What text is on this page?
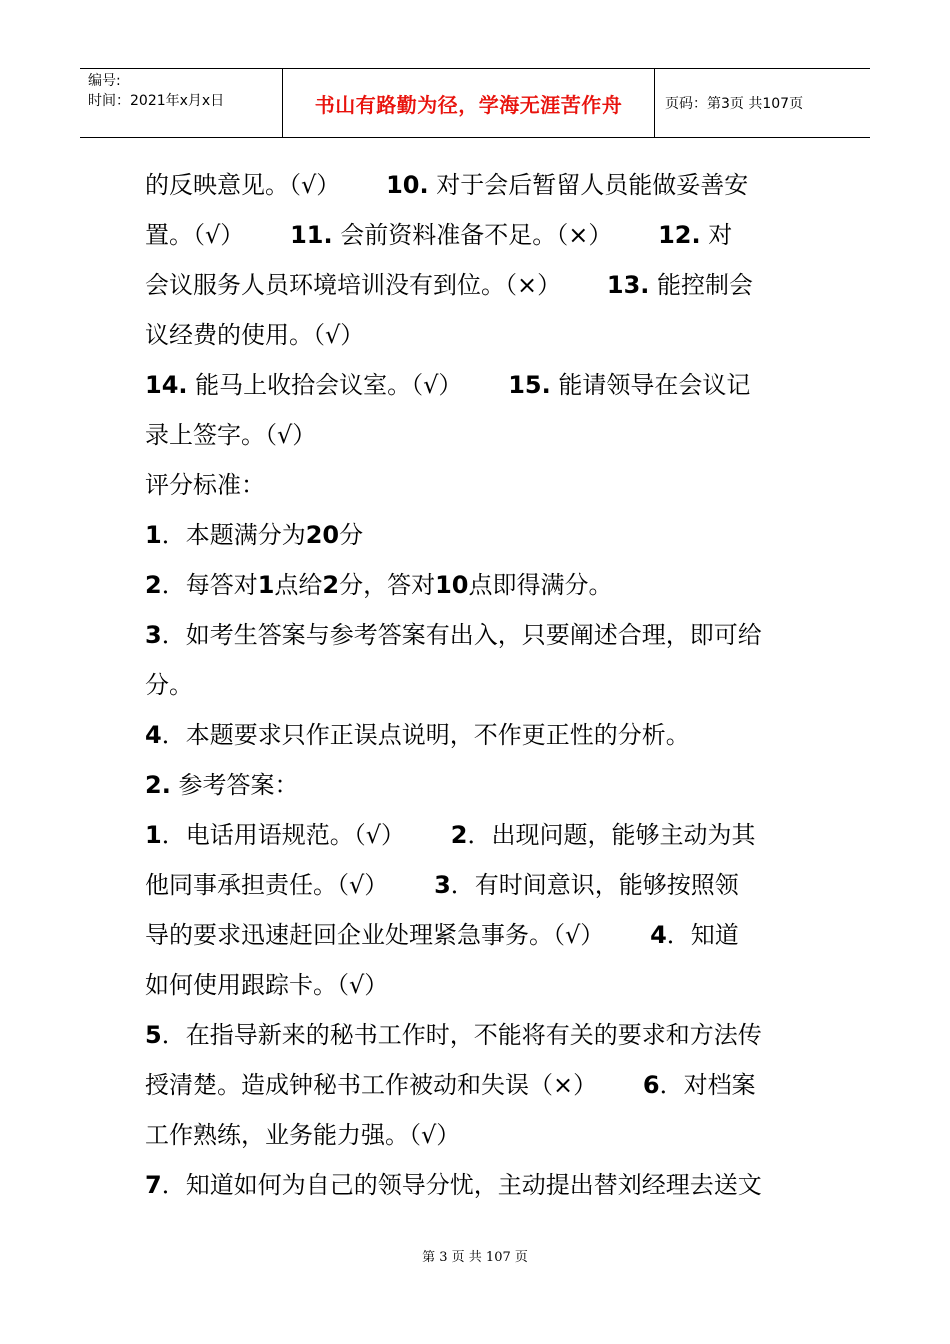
编号:
时间：2021年x月x日	书山有路勤为径，学海无涯苦作舟	页码：第3页 共107页

的反映意见。（√）      10. 对于会后暂留人员能做妥善安

置。（√）      11. 会前资料准备不足。（×）      12. 对

会议服务人员环境培训没有到位。（×）      13. 能控制会

议经费的使用。（√）

14. 能马上收拾会议室。（√）      15. 能请领导在会议记

录上签字。（√）

评分标准：

1．本题满分为20分

2．每答对1点给2分，答对10点即得满分。

3．如考生答案与参考答案有出入，只要阐述合理，即可给

分。

4．本题要求只作正误点说明，不作更正性的分析。

2. 参考答案：

1．电话用语规范。（√）      2．出现问题，能够主动为其

他同事承担责任。（√）      3．有时间意识，能够按照领

导的要求迅速赶回企业处理紧急事务。（√）      4．知道

如何使用跟踪卡。（√）

5．在指导新来的秘书工作时，不能将有关的要求和方法传

授清楚。造成钟秘书工作被动和失误（×）      6．对档案

工作熟练，业务能力强。（√）

7．知道如何为自己的领导分忧，主动提出替刘经理去送文

第 3 页 共 107 页
